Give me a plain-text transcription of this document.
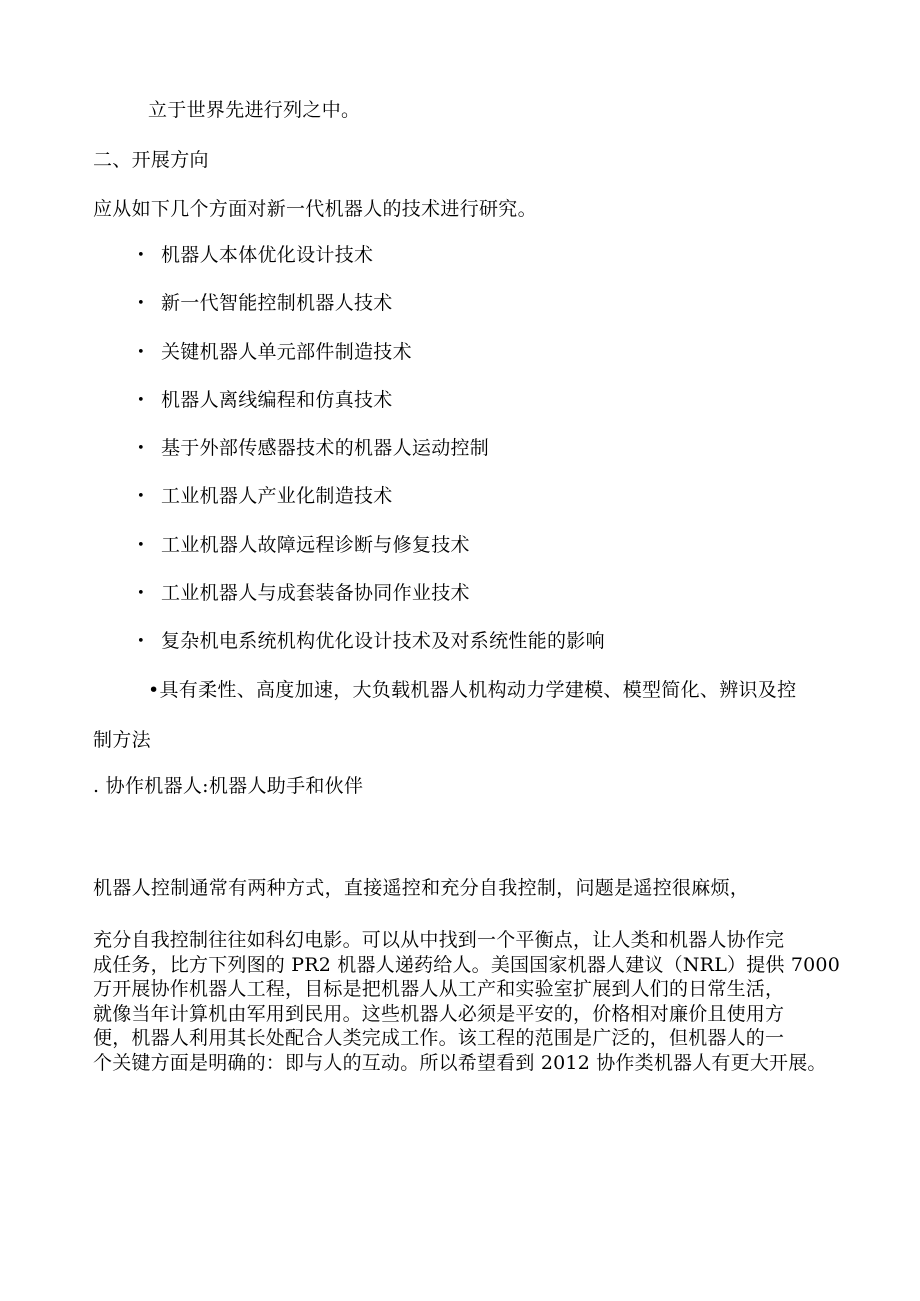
立于世界先进行列之中。
二、开展方向
应从如下几个方面对新一代机器人的技术进行研究。
• 机器人本体优化设计技术
• 新一代智能控制机器人技术
• 关键机器人单元部件制造技术
• 机器人离线编程和仿真技术
• 基于外部传感器技术的机器人运动控制
• 工业机器人产业化制造技术
• 工业机器人故障远程诊断与修复技术
• 工业机器人与成套装备协同作业技术
• 复杂机电系统机构优化设计技术及对系统性能的影响
•具有柔性、高度加速，大负载机器人机构动力学建模、模型简化、辨识及控
制方法
. 协作机器人:机器人助手和伙伴
机器人控制通常有两种方式，直接遥控和充分自我控制，问题是遥控很麻烦，
充分自我控制往往如科幻电影。可以从中找到一个平衡点，让人类和机器人协作完
成任务，比方下列图的 PR2 机器人递药给人。美国国家机器人建议（NRL）提供 7000
万开展协作机器人工程，目标是把机器人从工产和实验室扩展到人们的日常生活，
就像当年计算机由军用到民用。这些机器人必须是平安的，价格相对廉价且使用方
便，机器人利用其长处配合人类完成工作。该工程的范围是广泛的，但机器人的一
个关键方面是明确的：即与人的互动。所以希望看到 2012 协作类机器人有更大开展。
